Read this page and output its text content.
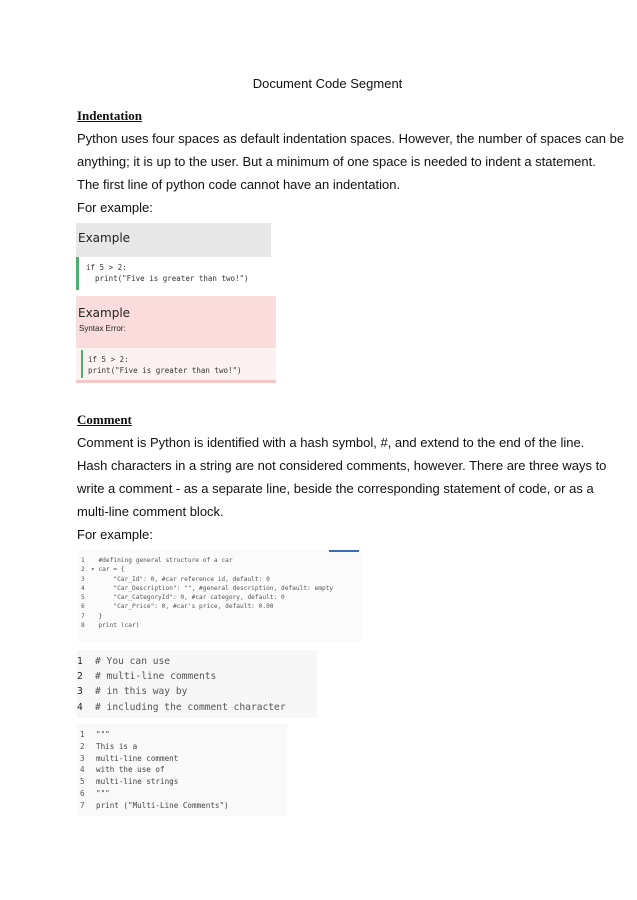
Document Code Segment
Indentation
Python uses four spaces as default indentation spaces. However, the number of spaces can be
anything; it is up to the user. But a minimum of one space is needed to indent a statement.
The first line of python code cannot have an indentation.
For example:
Example
if 5 > 2:
print("Five is greater than two!")
Example
Syntax Error:
if 5 > 2:
print("Five is greater than two!")
Comment
Comment is Python is identified with a hash symbol, #, and extend to the end of the line.
Hash characters in a string are not considered comments, however. There are three ways to
write a comment - as a separate line, beside the corresponding statement of code, or as a
multi-line comment block.
For example:
1  #defining general structure of a car
2 ▾ car = {
3      "Car_Id": 0, #car reference id, default: 0
4      "Car_Description": "", #general description, default: empty
5      "Car_CategoryId": 0, #car category, default: 0
6      "Car_Price": 0, #car's price, default: 0.00
7  }
8  print (car)
1 # You can use
2 # multi-line comments
3 # in this way by
4 # including the comment character
1 """
2 This is a
3 multi-line comment
4 with the use of
5 multi-line strings
6 """
7 print ("Multi-Line Comments")
